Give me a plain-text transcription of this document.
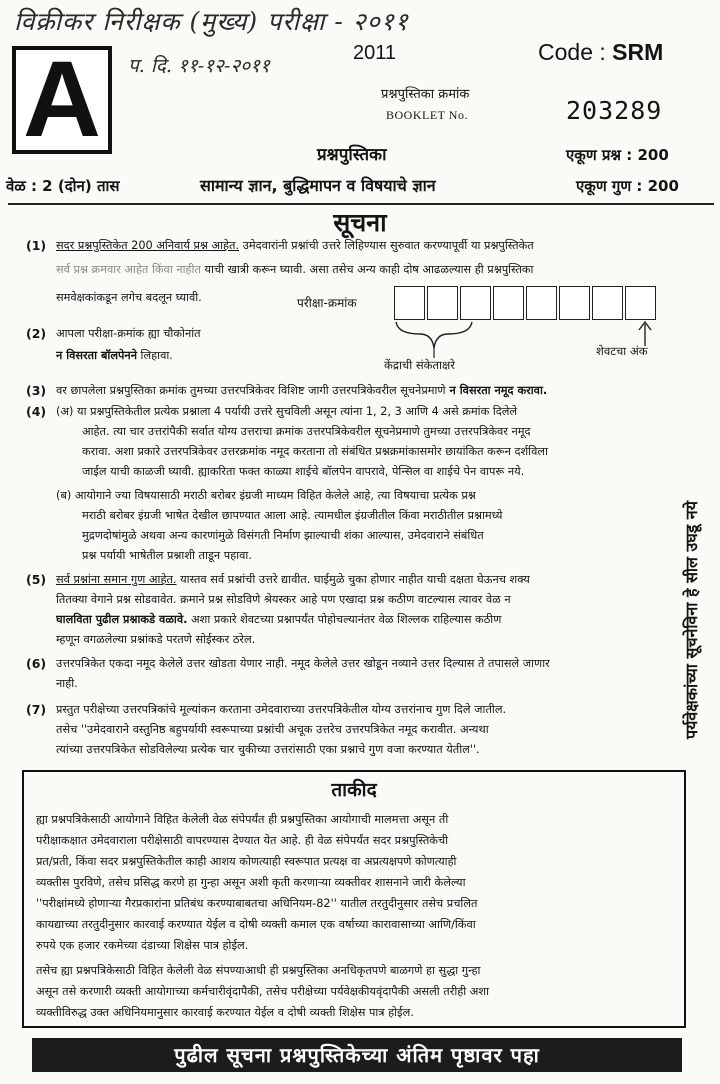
विक्रीकर निरीक्षक (मुख्य) परीक्षा - २०११
A	प. दि. ११-१२-२०११
2011	Code : SRM
प्रश्नपुस्तिका क्रमांक
BOOKLET No.	203289
प्रश्नपुस्तिका	एकूण प्रश्न : 200
वेळ : 2 (दोन) तास	सामान्य ज्ञान, बुद्धिमापन व विषयाचे ज्ञान	एकूण गुण : 200
सूचना
(1) सदर प्रश्नपुस्तिकेत 200 अनिवार्य प्रश्न आहेत. उमेदवारांनी प्रश्नांची उत्तरे लिहिण्यास सुरुवात करण्यापूर्वी या प्रश्नपुस्तिकेत
सर्व प्रश्न क्रमवार आहेत किंवा नाहीत याची खात्री करून घ्यावी. असा तसेच अन्य काही दोष आढळल्यास ही प्रश्नपुस्तिका
समवेक्षकांकडून लगेच बदलून घ्यावी.	परीक्षा-क्रमांक
केंद्राची संकेताक्षरे
शेवटचा अंक
(2) आपला परीक्षा-क्रमांक ह्या चौकोनांत
न विसरता बॉलपेनने लिहावा.
(3) वर छापलेला प्रश्नपुस्तिका क्रमांक तुमच्या उत्तरपत्रिकेवर विशिष्ट जागी उत्तरपत्रिकेवरील सूचनेप्रमाणे न विसरता नमूद करावा.
(4) (अ) या प्रश्नपुस्तिकेतील प्रत्येक प्रश्नाला 4 पर्यायी उत्तरे सुचविली असून त्यांना 1, 2, 3 आणि 4 असे क्रमांक दिलेले
आहेत. त्या चार उत्तरांपैकी सर्वात योग्य उत्तराचा क्रमांक उत्तरपत्रिकेवरील सूचनेप्रमाणे तुमच्या उत्तरपत्रिकेवर नमूद
करावा. अशा प्रकारे उत्तरपत्रिकेवर उत्तरक्रमांक नमूद करताना तो संबंधित प्रश्नक्रमांकासमोर छायांकित करून दर्शविला
जाईल याची काळजी घ्यावी. ह्याकरिता फक्त काळ्या शाईचे बॉलपेन वापरावे, पेन्सिल वा शाईचे पेन वापरू नये.
(ब) आयोगाने ज्या विषयासाठी मराठी बरोबर इंग्रजी माध्यम विहित केलेले आहे, त्या विषयाचा प्रत्येक प्रश्न
मराठी बरोबर इंग्रजी भाषेत देखील छापण्यात आला आहे. त्यामधील इंग्रजीतील किंवा मराठीतील प्रश्नामध्ये
मुद्रणदोषांमुळे अथवा अन्य कारणांमुळे विसंगती निर्माण झाल्याची शंका आल्यास, उमेदवाराने संबंधित
प्रश्न पर्यायी भाषेतील प्रश्नाशी ताडून पहावा.
(5) सर्व प्रश्नांना समान गुण आहेत. यास्तव सर्व प्रश्नांची उत्तरे द्यावीत. घाईमुळे चुका होणार नाहीत याची दक्षता घेऊनच शक्य
तितक्या वेगाने प्रश्न सोडवावेत. क्रमाने प्रश्न सोडविणे श्रेयस्कर आहे पण एखादा प्रश्न कठीण वाटल्यास त्यावर वेळ न
घालविता पुढील प्रश्नाकडे वळावे. अशा प्रकारे शेवटच्या प्रश्नापर्यंत पोहोचल्यानंतर वेळ शिल्लक राहिल्यास कठीण
म्हणून वगळलेल्या प्रश्नांकडे परतणे सोईस्कर ठरेल.
(6) उत्तरपत्रिकेत एकदा नमूद केलेले उत्तर खोडता येणार नाही. नमूद केलेले उत्तर खोडून नव्याने उत्तर दिल्यास ते तपासले जाणार
नाही.
(7) प्रस्तुत परीक्षेच्या उत्तरपत्रिकांचे मूल्यांकन करताना उमेदवाराच्या उत्तरपत्रिकेतील योग्य उत्तरांनाच गुण दिले जातील.
तसेच ''उमेदवाराने वस्तुनिष्ठ बहुपर्यायी स्वरूपाच्या प्रश्नांची अचूक उत्तरेच उत्तरपत्रिकेत नमूद करावीत. अन्यथा
त्यांच्या उत्तरपत्रिकेत सोडविलेल्या प्रत्येक चार चुकीच्या उत्तरांसाठी एका प्रश्नाचे गुण वजा करण्यात येतील''.
पर्यवेक्षकांच्या सूचनेविना हे सील उघडू नये
ताकीद
ह्या प्रश्नपत्रिकेसाठी आयोगाने विहित केलेली वेळ संपेपर्यंत ही प्रश्नपुस्तिका आयोगाची मालमत्ता असून ती
परीक्षाकक्षात उमेदवाराला परीक्षेसाठी वापरण्यास देण्यात येत आहे. ही वेळ संपेपर्यंत सदर प्रश्नपुस्तिकेची
प्रत/प्रती, किंवा सदर प्रश्नपुस्तिकेतील काही आशय कोणत्याही स्वरूपात प्रत्यक्ष वा अप्रत्यक्षपणे कोणत्याही
व्यक्तीस पुरविणे, तसेच प्रसिद्ध करणे हा गुन्हा असून अशी कृती करणाऱ्या व्यक्तीवर शासनाने जारी केलेल्या
''परीक्षांमध्ये होणाऱ्या गैरप्रकारांना प्रतिबंध करण्याबाबतचा अधिनियम-82'' यातील तरतुदीनुसार तसेच प्रचलित
कायद्याच्या तरतुदीनुसार कारवाई करण्यात येईल व दोषी व्यक्ती कमाल एक वर्षाच्या कारावासाच्या आणि/किंवा
रुपये एक हजार रकमेच्या दंडाच्या शिक्षेस पात्र होईल.
तसेच ह्या प्रश्नपत्रिकेसाठी विहित केलेली वेळ संपण्याआधी ही प्रश्नपुस्तिका अनधिकृतपणे बाळगणे हा सुद्धा गुन्हा
असून तसे करणारी व्यक्ती आयोगाच्या कर्मचारीवृंदापैकी, तसेच परीक्षेच्या पर्यवेक्षकीयवृंदापैकी असली तरीही अशा
व्यक्तीविरुद्ध उक्त अधिनियमानुसार कारवाई करण्यात येईल व दोषी व्यक्ती शिक्षेस पात्र होईल.
पुढील सूचना प्रश्नपुस्तिकेच्या अंतिम पृष्ठावर पहा
